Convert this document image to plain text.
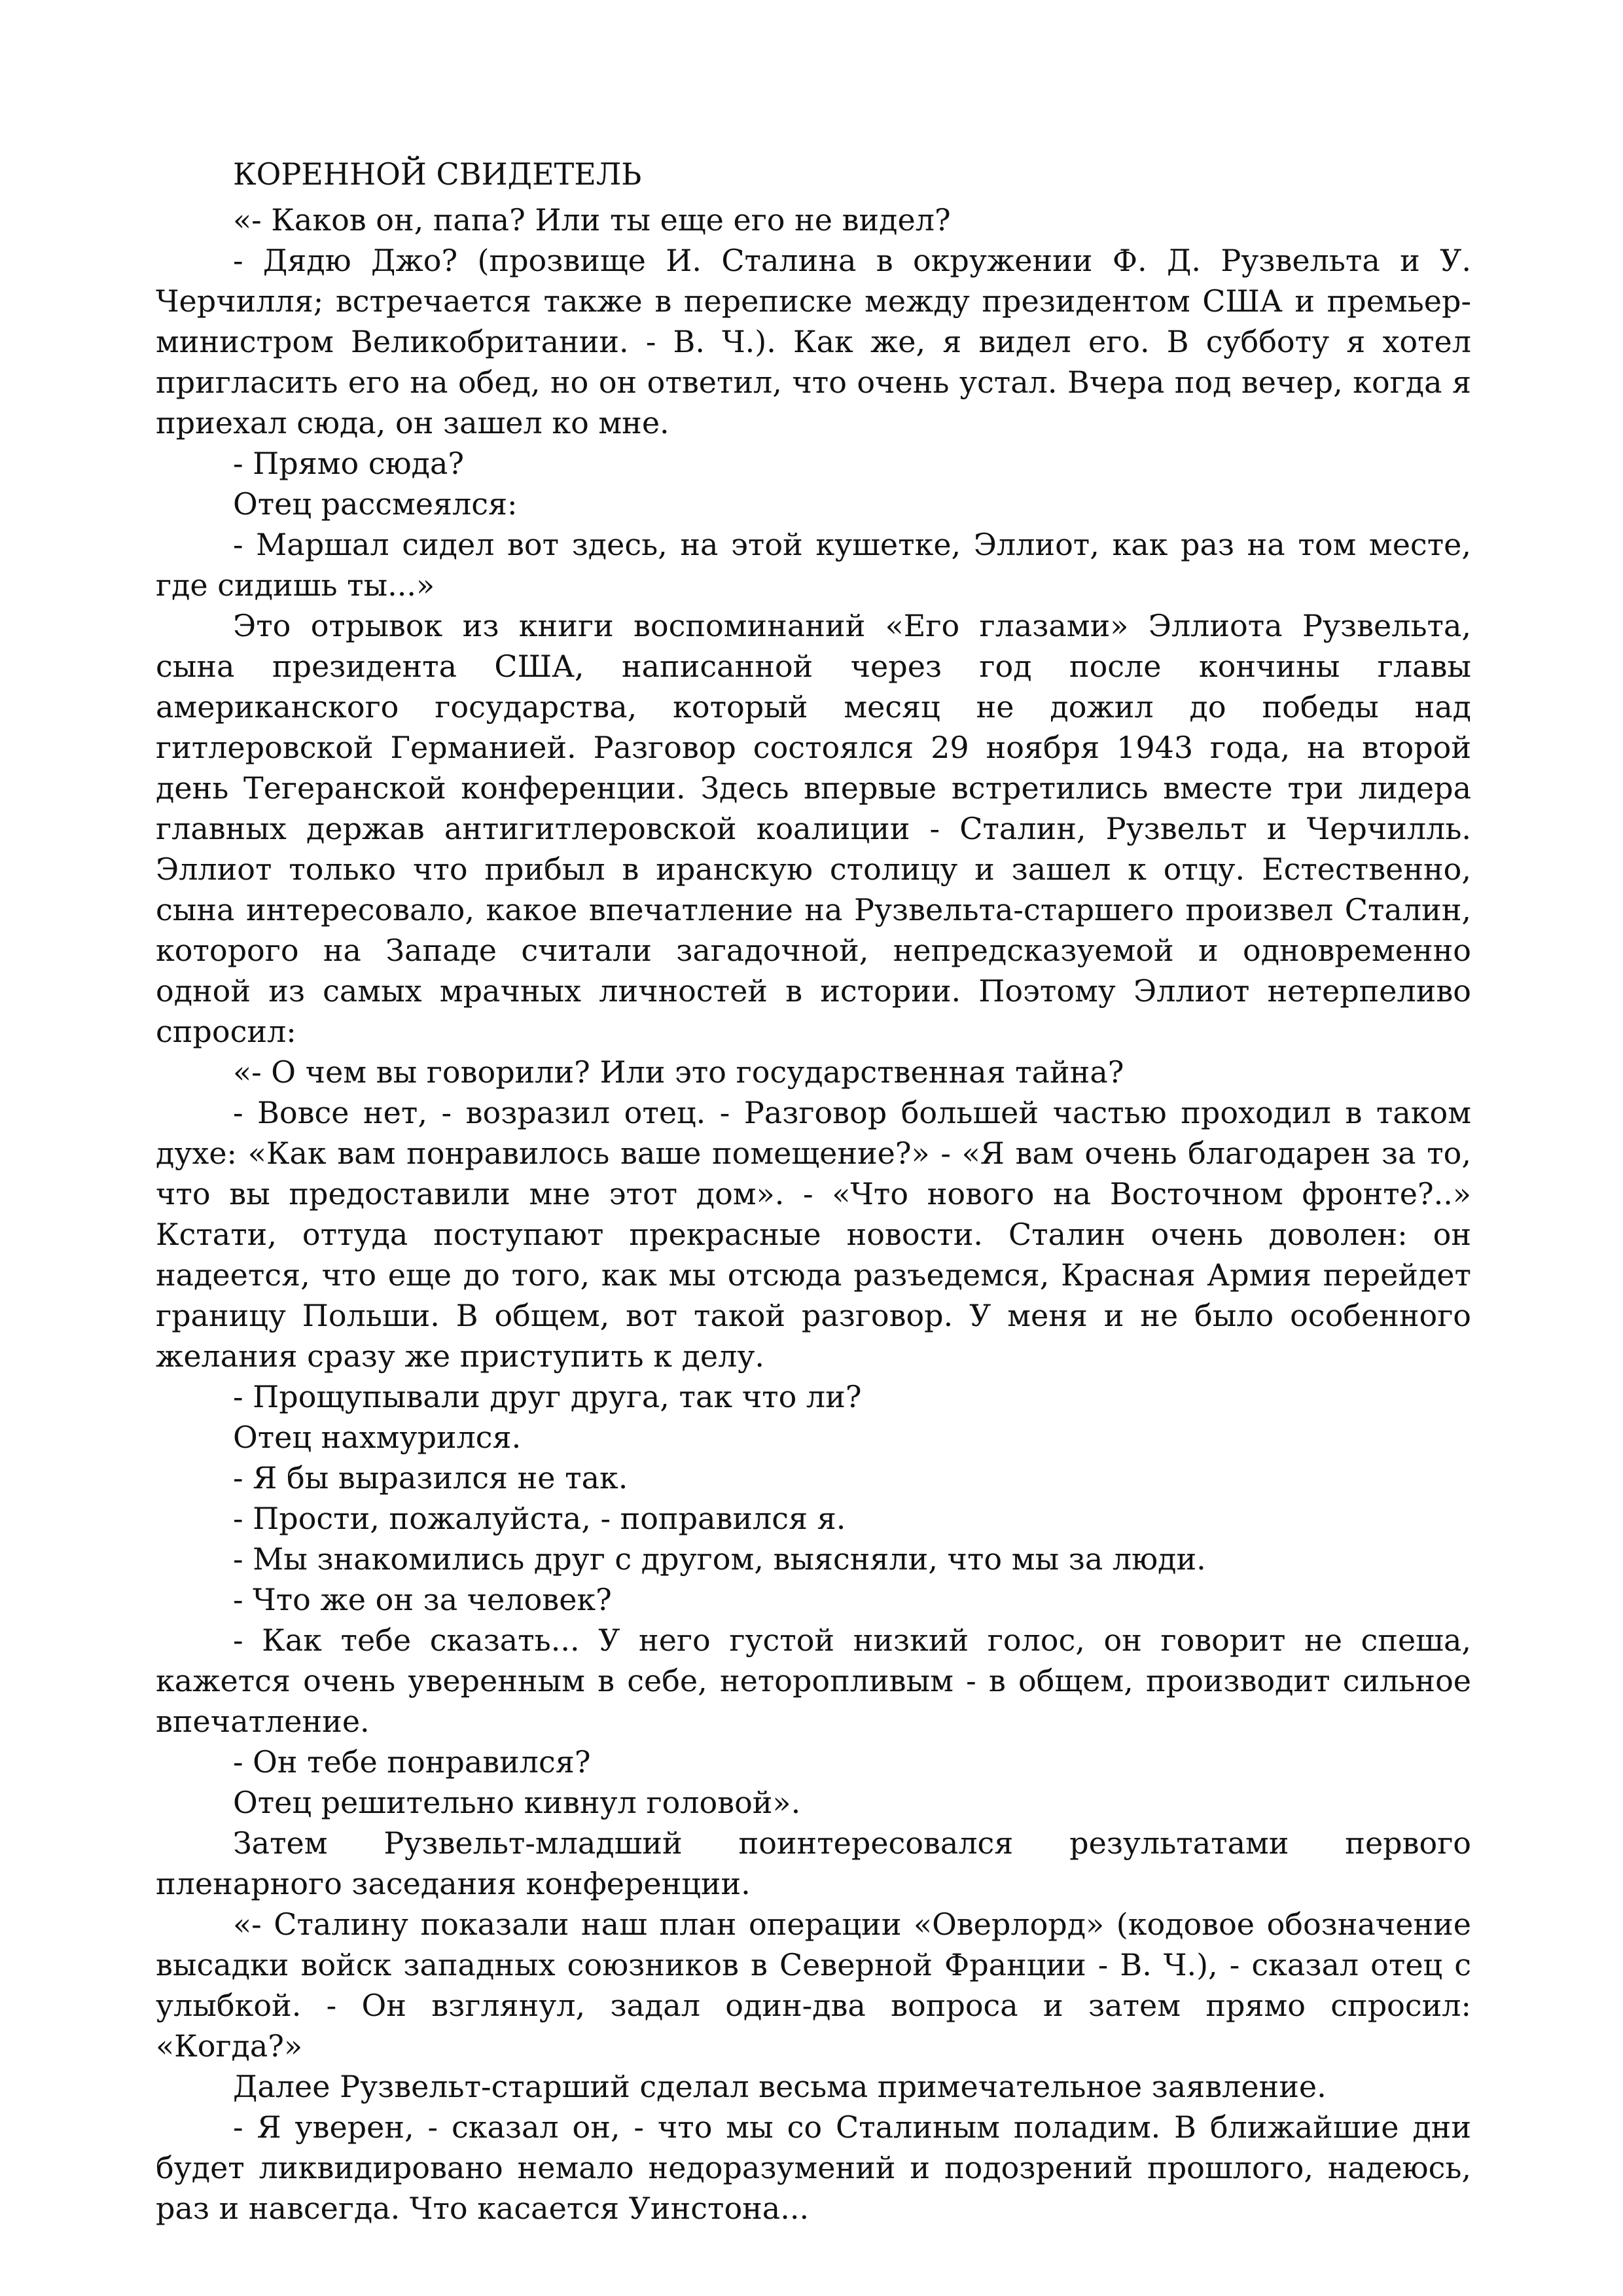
КОРЕННОЙ СВИДЕТЕЛЬ

«- Каков он, папа? Или ты еще его не видел?

- Дядю Джо? (прозвище И. Сталина в окружении Ф. Д. Рузвельта и У. Черчилля; встречается также в переписке между президентом США и премьер-министром Великобритании. - В. Ч.). Как же, я видел его. В субботу я хотел пригласить его на обед, но он ответил, что очень устал. Вчера под вечер, когда я приехал сюда, он зашел ко мне.

- Прямо сюда?

Отец рассмеялся:

- Маршал сидел вот здесь, на этой кушетке, Эллиот, как раз на том месте, где сидишь ты...»

Это отрывок из книги воспоминаний «Его глазами» Эллиота Рузвельта, сына президента США, написанной через год после кончины главы американского государства, который месяц не дожил до победы над гитлеровской Германией. Разговор состоялся 29 ноября 1943 года, на второй день Тегеранской конференции. Здесь впервые встретились вместе три лидера главных держав антигитлеровской коалиции - Сталин, Рузвельт и Черчилль. Эллиот только что прибыл в иранскую столицу и зашел к отцу. Естественно, сына интересовало, какое впечатление на Рузвельта-старшего произвел Сталин, которого на Западе считали загадочной, непредсказуемой и одновременно одной из самых мрачных личностей в истории. Поэтому Эллиот нетерпеливо спросил:

«- О чем вы говорили? Или это государственная тайна?

- Вовсе нет, - возразил отец. - Разговор большей частью проходил в таком духе: «Как вам понравилось ваше помещение?» - «Я вам очень благодарен за то, что вы предоставили мне этот дом». - «Что нового на Восточном фронте?..» Кстати, оттуда поступают прекрасные новости. Сталин очень доволен: он надеется, что еще до того, как мы отсюда разъедемся, Красная Армия перейдет границу Польши. В общем, вот такой разговор. У меня и не было особенного желания сразу же приступить к делу.

- Прощупывали друг друга, так что ли?

Отец нахмурился.

- Я бы выразился не так.

- Прости, пожалуйста, - поправился я.

- Мы знакомились друг с другом, выясняли, что мы за люди.

- Что же он за человек?

- Как тебе сказать... У него густой низкий голос, он говорит не спеша, кажется очень уверенным в себе, неторопливым - в общем, производит сильное впечатление.

- Он тебе понравился?

Отец решительно кивнул головой».

Затем Рузвельт-младший поинтересовался результатами первого пленарного заседания конференции.

«- Сталину показали наш план операции «Оверлорд» (кодовое обозначение высадки войск западных союзников в Северной Франции - В. Ч.), - сказал отец с улыбкой. - Он взглянул, задал один-два вопроса и затем прямо спросил: «Когда?»

Далее Рузвельт-старший сделал весьма примечательное заявление.

- Я уверен, - сказал он, - что мы со Сталиным поладим. В ближайшие дни будет ликвидировано немало недоразумений и подозрений прошлого, надеюсь, раз и навсегда. Что касается Уинстона...
